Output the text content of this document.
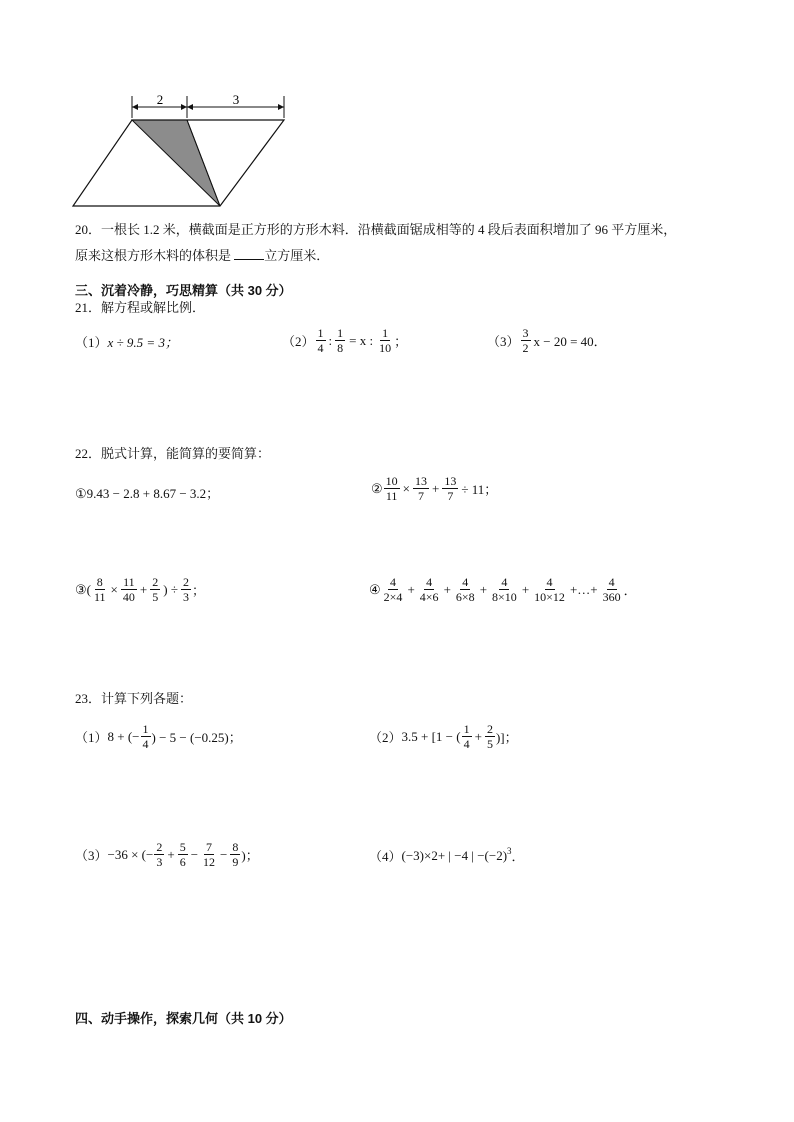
2	3
20．一根长 1.2 米，横截面是正方形的方形木料．沿横截面锯成相等的 4 段后表面积增加了 96 平方厘米，
原来这根方形木料的体积是	立方厘米．
三、沉着冷静，巧思精算（共 30 分）
21．解方程或解比例．
（1） x ÷ 9.5 = 3；	$(2) \frac{1}{4}$ : $\frac{1}{8} = x$ : $\frac{1}{10}$ ；	$(3) \frac{3}{2}$ x − 20 = 40．
22．脱式计算，能简算的要简算：
①9.43 − 2.8 + 8.67 − 3.2；	② $\frac{10}{11} \times \frac{13}{7} + \frac{13}{7} \div 11$；
③( $\frac{8}{11} \times \frac{11}{40} + \frac{2}{5}$ ) ÷ $\frac{2}{3}$ ；	④ $\frac{4}{2\times 4} + \frac{4}{4\times 6} + \frac{4}{6\times 8} + \frac{4}{8\times 10} + \frac{4}{10\times 12}$ +…+ $\frac{4}{360}$ ．
23．计算下列各题：
（1） 8 + (− $\frac{1}{4}$ ) − 5 − (−0.25)；	（2） 3.5 + [1 − ( $\frac{1}{4} + \frac{2}{5}$ )]；
（3） −36 × (− $\frac{2}{3} + \frac{5}{6} - \frac{7}{12} - \frac{8}{9}$ )；	（4） (−3)×2+ | −4 | $-(-2)^3$ ．
四、动手操作，探索几何（共 10 分）
